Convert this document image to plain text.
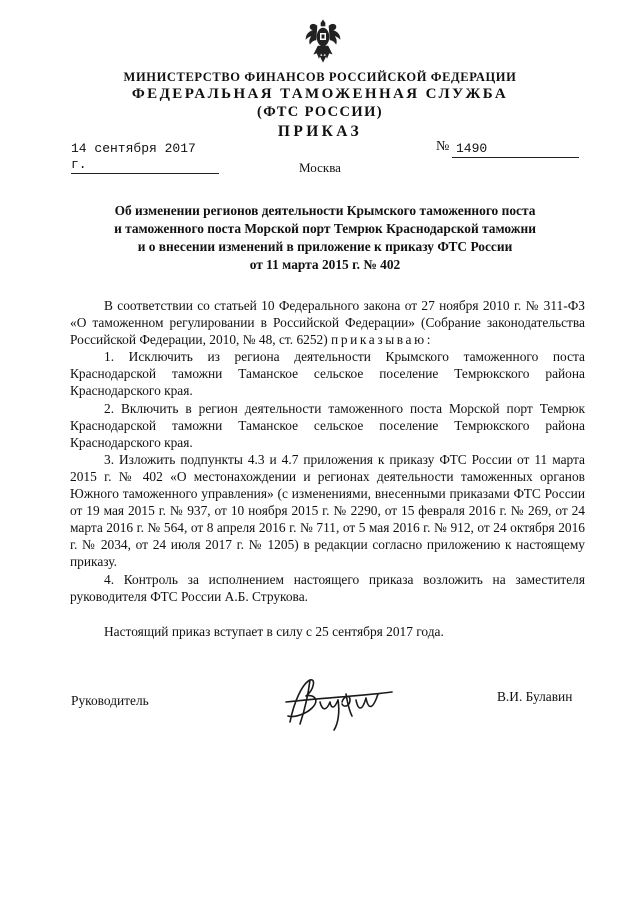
МИНИСТЕРСТВО ФИНАНСОВ РОССИЙСКОЙ ФЕДЕРАЦИИ
ФЕДЕРАЛЬНАЯ ТАМОЖЕННАЯ СЛУЖБА
(ФТС РОССИИ)
ПРИКАЗ
14 сентября 2017 г.
№ 1490
Москва
Об изменении регионов деятельности Крымского таможенного поста
и таможенного поста Морской порт Темрюк Краснодарской таможни
и о внесении изменений в приложение к приказу ФТС России
от 11 марта 2015 г. № 402
В соответствии со статьей 10 Федерального закона от 27 ноября 2010 г. № 311-ФЗ «О таможенном регулировании в Российской Федерации» (Собрание законодательства Российской Федерации, 2010, № 48, ст. 6252) приказываю:
1. Исключить из региона деятельности Крымского таможенного поста Краснодарской таможни Таманское сельское поселение Темрюкского района Краснодарского края.
2. Включить в регион деятельности таможенного поста Морской порт Темрюк Краснодарской таможни Таманское сельское поселение Темрюкского района Краснодарского края.
3. Изложить подпункты 4.3 и 4.7 приложения к приказу ФТС России от 11 марта 2015 г. № 402 «О местонахождении и регионах деятельности таможенных органов Южного таможенного управления» (с изменениями, внесенными приказами ФТС России от 19 мая 2015 г. № 937, от 10 ноября 2015 г. № 2290, от 15 февраля 2016 г. № 269, от 24 марта 2016 г. № 564, от 8 апреля 2016 г. № 711, от 5 мая 2016 г. № 912, от 24 октября 2016 г. № 2034, от 24 июля 2017 г. № 1205) в редакции согласно приложению к настоящему приказу.
4. Контроль за исполнением настоящего приказа возложить на заместителя руководителя ФТС России А.Б. Струкова.
Настоящий приказ вступает в силу с 25 сентября 2017 года.
Руководитель	В.И. Булавин
